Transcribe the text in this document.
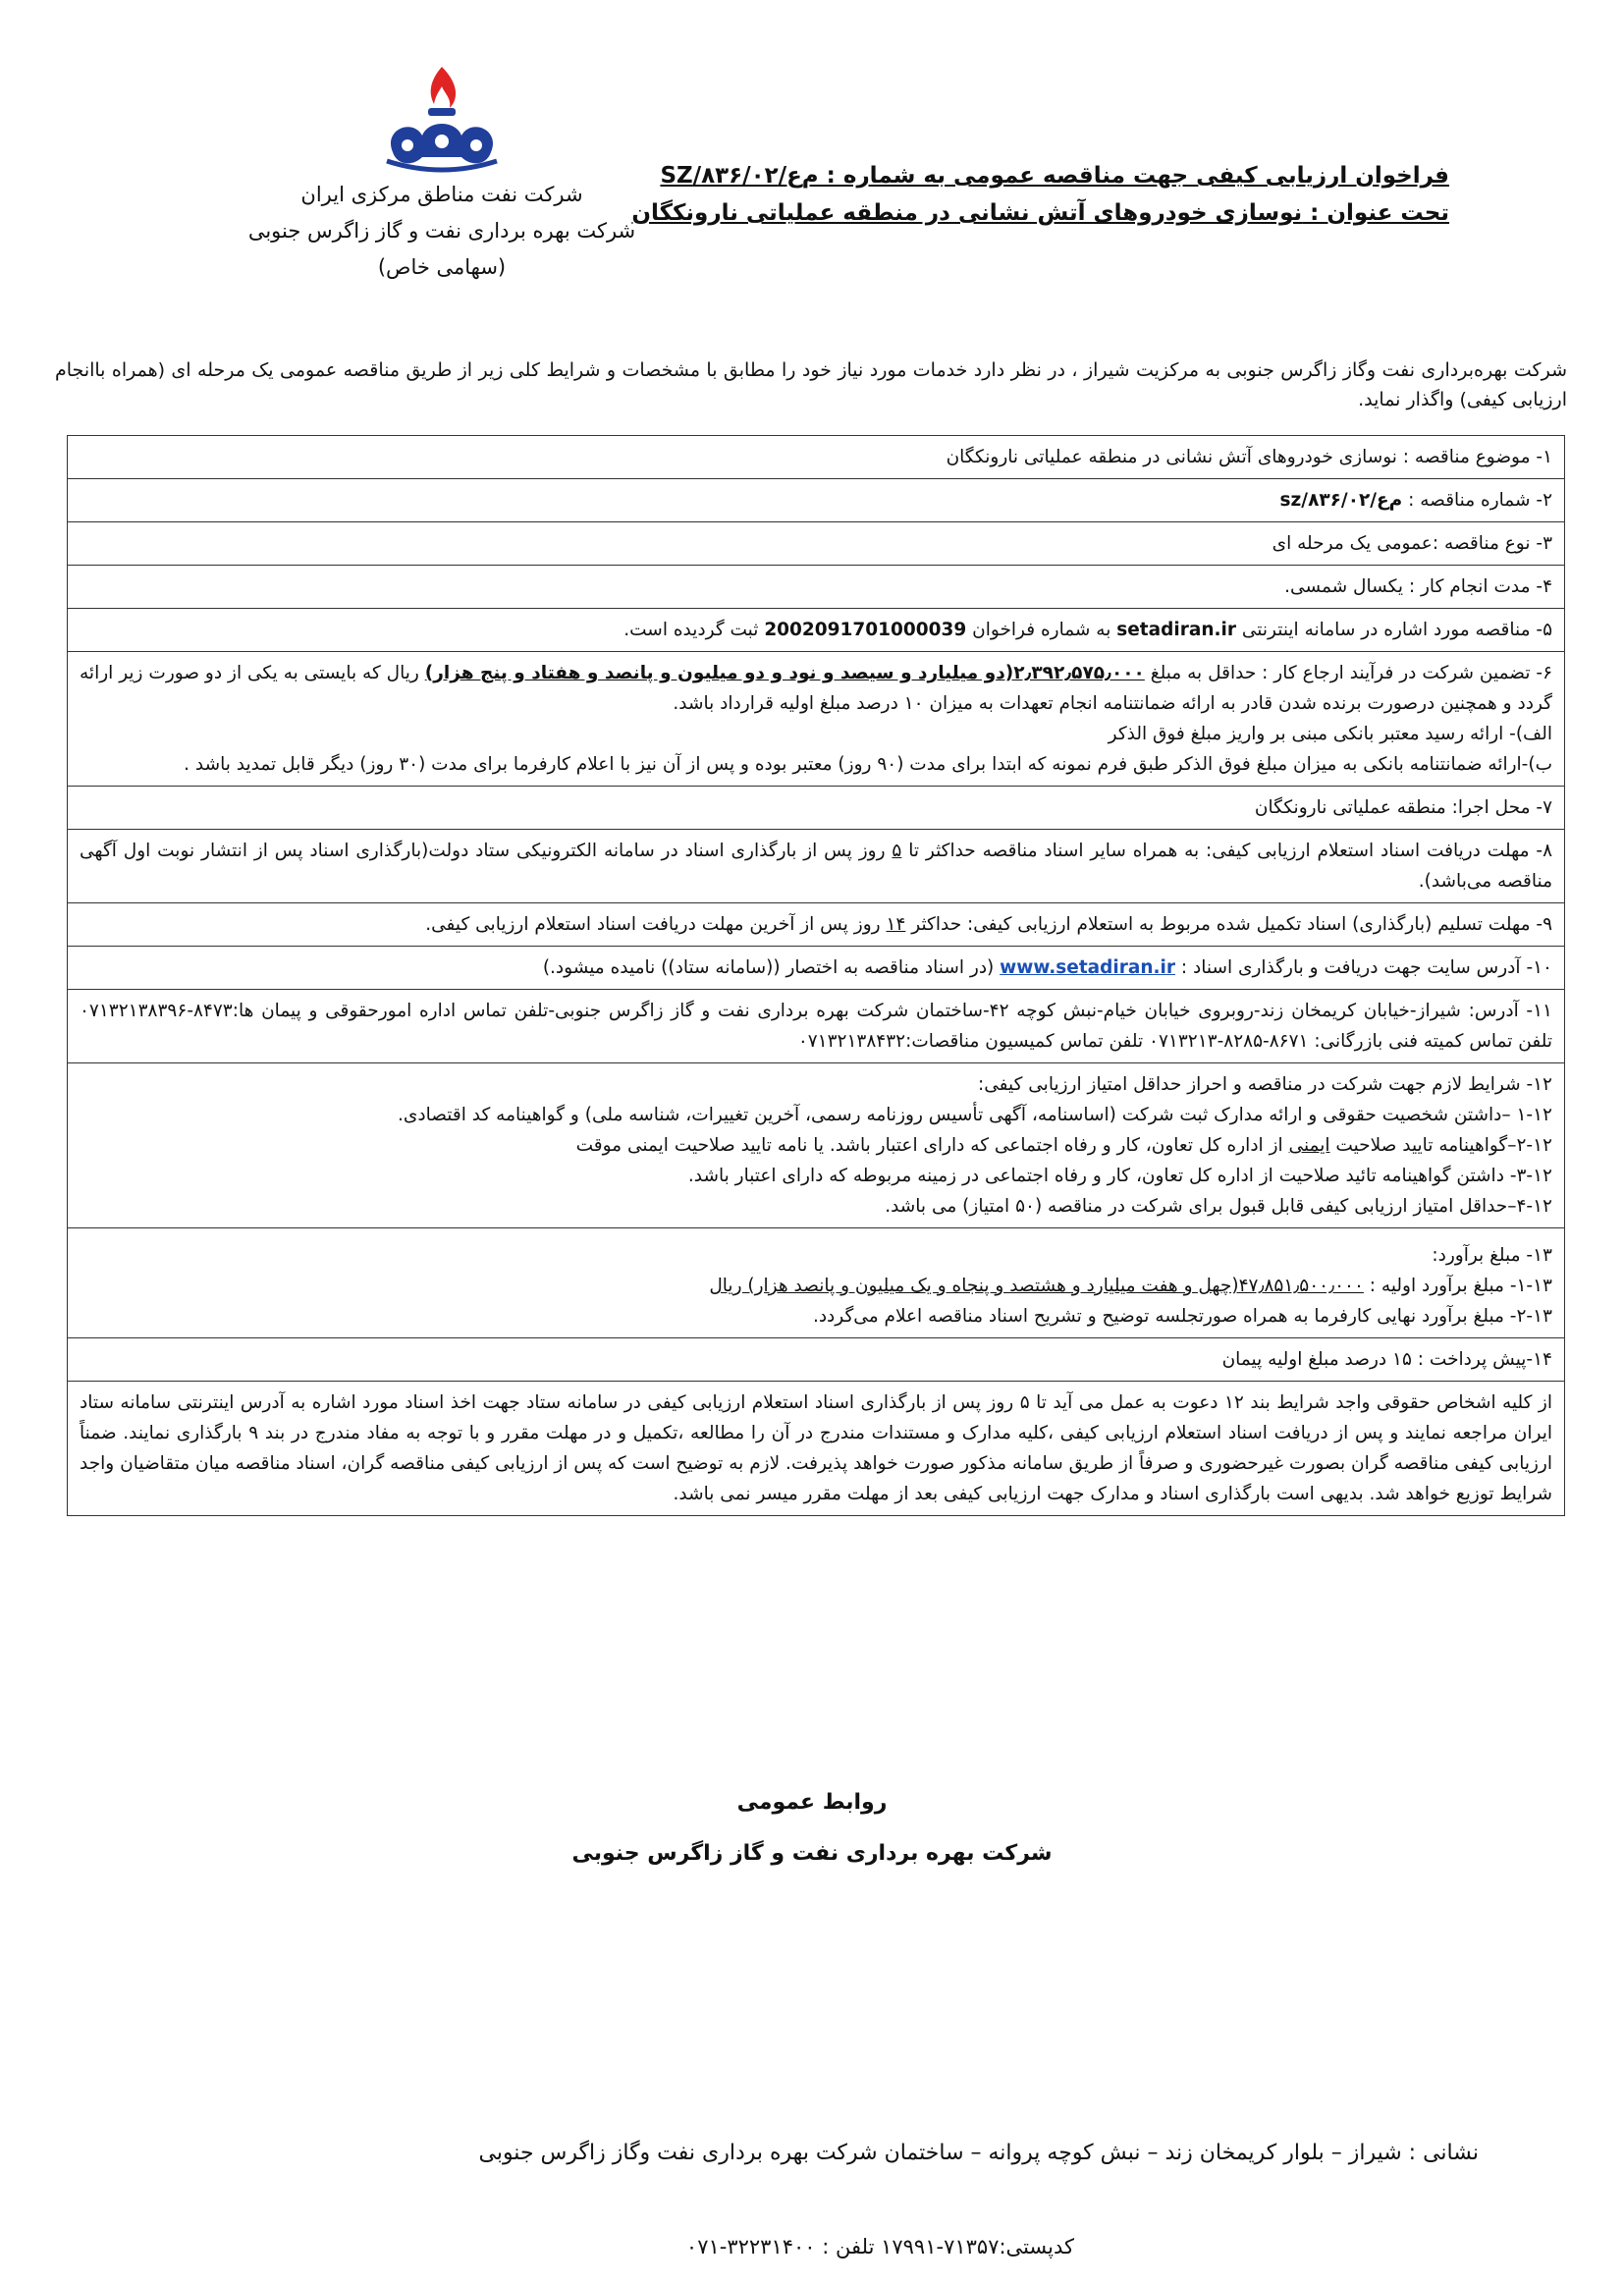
شرکت نفت مناطق مرکزی ایران
شرکت بهره برداری نفت و گاز زاگرس جنوبی
(سهامی خاص)
فراخوان ارزیابی کیفی جهت مناقصه عمومی به شماره : م‌ع/۸۳۶/۰۲/SZ
تحت عنوان : نوسازی خودروهای آتش نشانی در منطقه عملیاتی نارونکگان
شرکت بهره‌برداری نفت وگاز زاگرس جنوبی به مرکزیت شیراز ، در نظر دارد خدمات مورد نیاز خود را مطابق با مشخصات و شرایط کلی زیر از طریق مناقصه عمومی یک مرحله ای (همراه باانجام ارزیابی کیفی) واگذار نماید.
۱- موضوع مناقصه : نوسازی خودروهای آتش نشانی در منطقه عملیاتی نارونکگان
۲- شماره مناقصه : م‌ع/۸۳۶/۰۲/sz
۳- نوع مناقصه :عمومی یک مرحله ای
۴- مدت انجام کار : یکسال شمسی.
۵- مناقصه مورد اشاره در سامانه اینترنتی setadiran.ir به شماره فراخوان 2002091701000039 ثبت گردیده است.
۶- تضمین شرکت در فرآیند ارجاع کار : حداقل به مبلغ ۲٫۳۹۲٫۵۷۵٫۰۰۰(دو میلیارد و سیصد و نود و دو میلیون و پانصد و هفتاد و پنج هزار) ریال که بایستی به یکی از دو صورت زیر ارائه گردد و همچنین درصورت برنده شدن قادر به ارائه ضمانتنامه انجام تعهدات به میزان ۱۰ درصد مبلغ اولیه قرارداد باشد.
الف)- ارائه رسید معتبر بانکی مبنی بر واریز مبلغ فوق الذکر
ب)-ارائه ضمانتنامه بانکی به میزان مبلغ فوق الذکر طبق فرم نمونه که ابتدا برای مدت (۹۰ روز) معتبر بوده و پس از آن نیز با اعلام کارفرما برای مدت (۳۰ روز) دیگر قابل تمدید باشد .
۷- محل اجرا: منطقه عملیاتی نارونکگان
۸- مهلت دریافت اسناد استعلام ارزیابی کیفی: به همراه سایر اسناد مناقصه حداکثر تا ۵ روز پس از بارگذاری اسناد در سامانه الکترونیکی ستاد دولت(بارگذاری اسناد پس از انتشار نوبت اول آگهی مناقصه می‌باشد).
۹- مهلت تسلیم (بارگذاری) اسناد تکمیل شده مربوط به استعلام ارزیابی کیفی: حداکثر ۱۴ روز پس از آخرین مهلت دریافت اسناد استعلام ارزیابی کیفی.
۱۰- آدرس سایت جهت دریافت و بارگذاری اسناد : www.setadiran.ir (در اسناد مناقصه به اختصار ((سامانه ستاد)) نامیده میشود.)
۱۱- آدرس: شیراز-خیابان کریمخان زند-روبروی خیابان خیام-نبش کوچه ۴۲-ساختمان شرکت بهره برداری نفت و گاز زاگرس جنوبی-تلفن تماس اداره امورحقوقی و پیمان ها:۸۴۷۳-۰۷۱۳۲۱۳۸۳۹۶ تلفن تماس کمیته فنی بازرگانی: ۸۶۷۱-۸۲۸۵-۰۷۱۳۲۱۳ تلفن تماس کمیسیون مناقصات:۰۷۱۳۲۱۳۸۴۳۲
۱۲- شرایط لازم جهت شرکت در مناقصه و احراز حداقل امتیاز ارزیابی کیفی:
۱-۱۲ –داشتن شخصیت حقوقی و ارائه مدارک ثبت شرکت (اساسنامه، آگهی تأسیس روزنامه رسمی، آخرین تغییرات، شناسه ملی) و گواهینامه کد اقتصادی.
۲-۱۲–گواهینامه تایید صلاحیت ایمنی از اداره کل تعاون، کار و رفاه اجتماعی که دارای اعتبار باشد. یا نامه تایید صلاحیت ایمنی موقت
۳-۱۲- داشتن گواهینامه تائید صلاحیت از اداره کل تعاون، کار و رفاه اجتماعی در زمینه مربوطه که دارای اعتبار باشد.
۴-۱۲–حداقل امتیاز ارزیابی کیفی قابل قبول برای شرکت در مناقصه (۵۰ امتیاز) می باشد.
۱۳- مبلغ برآورد:
۱-۱۳- مبلغ برآورد اولیه : ۴۷٫۸۵۱٫۵۰۰٫۰۰۰(چهل و هفت میلیارد و هشتصد و پنجاه و یک میلیون و پانصد هزار) ریال
۲-۱۳- مبلغ برآورد نهایی کارفرما به همراه صورتجلسه توضیح و تشریح اسناد مناقصه اعلام می‌گردد.
۱۴-پیش پرداخت : ۱۵ درصد مبلغ اولیه پیمان
از کلیه اشخاص حقوقی واجد شرایط بند ۱۲ دعوت به عمل می آید تا ۵ روز پس از بارگذاری اسناد استعلام ارزیابی کیفی در سامانه ستاد جهت اخذ اسناد مورد اشاره به آدرس اینترنتی سامانه ستاد ایران مراجعه نمایند و پس از دریافت اسناد استعلام ارزیابی کیفی ،کلیه مدارک و مستندات مندرج در آن را مطالعه ،تکمیل و در مهلت مقرر و با توجه به مفاد مندرج در بند ۹ بارگذاری نمایند. ضمناً ارزیابی کیفی مناقصه گران بصورت غیرحضوری و صرفاً از طریق سامانه مذکور صورت خواهد پذیرفت. لازم به توضیح است که پس از ارزیابی کیفی مناقصه گران، اسناد مناقصه میان متقاضیان واجد شرایط توزیع خواهد شد. بدیهی است بارگذاری اسناد و مدارک جهت ارزیابی کیفی بعد از مهلت مقرر میسر نمی باشد.
روابط عمومی
شرکت بهره برداری نفت و گاز زاگرس جنوبی
نشانی : شیراز – بلوار کریمخان زند – نبش کوچه پروانه – ساختمان شرکت بهره برداری نفت وگاز زاگرس جنوبی
کدپستی:۷۱۳۵۷-۱۷۹۹۱ تلفن : ۳۲۲۳۱۴۰۰-۰۷۱
